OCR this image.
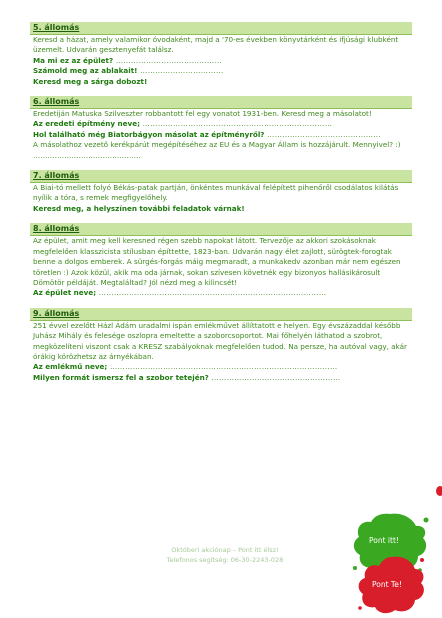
5. állomás

Keresd a házat, amely valamikor óvodaként, majd a '70-es években könyvtárként és ifjúsági klubként üzemelt. Udvarán gesztenyefát találsz.

Ma mi ez az épület? ……………………………………
Számold meg az ablakait! ……………………………
Keresd meg a sárga dobozt!
6. állomás

Eredetiján Matuska Szilveszter robbantott fel egy vonatot 1931-ben. Keresd meg a másolatot!

Az eredeti építmény neve; …………………………………………………………………
Hol található még Biatorbágyon másolat az építményről? ………………………………………

A másolathoz vezető kerékpárút megépítéséhez az EU és a Magyar Állam is hozzájárult. Mennyivel? :) ………………………………………

7. állomás

A Biai-tó mellett folyó Békás-patak partján, önkéntes munkával felépített pihenőről csodálatos kilátás nyílik a tóra, s remek megfigyelőhely.

Keresd meg, a helyszínen további feladatok várnak!
8. állomás

Az épület, amit meg kell keresned régen szebb napokat látott. Tervezője az akkori szokásoknak megfelelően klasszicista stílusban építtette, 1823-ban. Udvarán nagy élet zajlott, sürögtek-forogtak benne a dolgos emberek. A sürgés-forgás máig megmaradt, a munkakedv azonban már nem egészen töretlen :) Azok közül, akik ma oda járnak, sokan szívesen követnék egy bizonyos hallásikárosult Dömötör példáját. Megtaláltad? Jól nézd meg a kilincsét!

Az épület neve; ………………………………………………………………………………
9. állomás

251 évvel ezelőtt Házl Ádám uradalmi ispán emlékművet állíttatott e helyen. Egy évszázaddal később Juhász Mihály és felesége oszlopra emeltette a szoborcsoportot. Mai főhelyén láthatod a szobrot, megközelíteni viszont csak a KRESZ szabályoknak megfelelően tudod. Na persze, ha autóval vagy, akár órákig körözhetsz az árnyékában.

Az emlékmű neve; ………………………………………………………………………………
Milyen formát ismersz fel a szobor tetején? ……………………………………………
Októberi akciónap – Pont itt élsz!
Telefonos segítség: 06-30-2243-028
Pont itt!
Pont Te!
